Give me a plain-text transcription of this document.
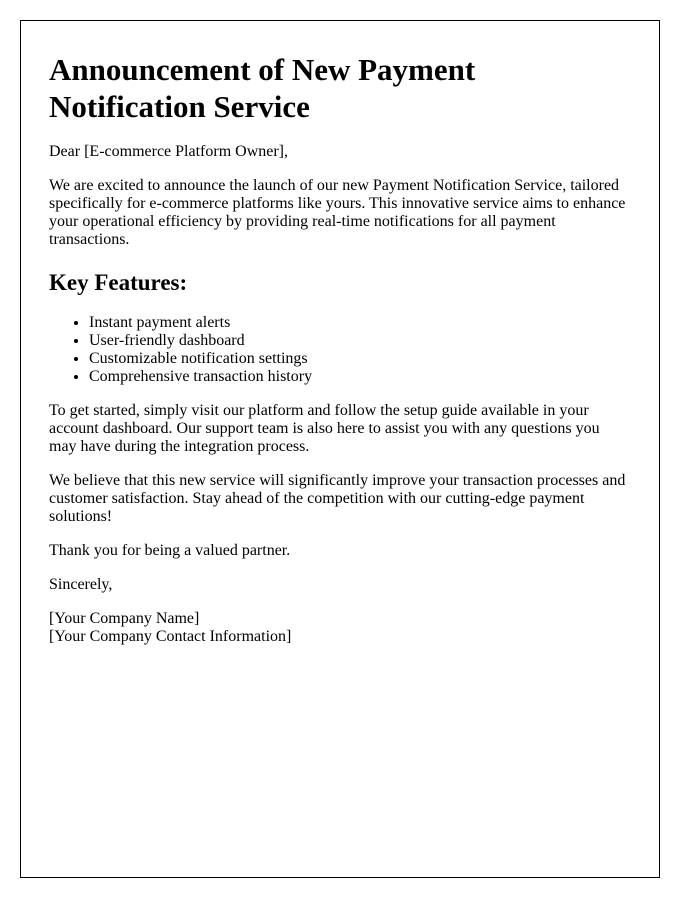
Announcement of New Payment Notification Service

Dear [E-commerce Platform Owner],

We are excited to announce the launch of our new Payment Notification Service, tailored specifically for e-commerce platforms like yours. This innovative service aims to enhance your operational efficiency by providing real-time notifications for all payment transactions.

Key Features:
• Instant payment alerts
• User-friendly dashboard
• Customizable notification settings
• Comprehensive transaction history

To get started, simply visit our platform and follow the setup guide available in your account dashboard. Our support team is also here to assist you with any questions you may have during the integration process.

We believe that this new service will significantly improve your transaction processes and customer satisfaction. Stay ahead of the competition with our cutting-edge payment solutions!

Thank you for being a valued partner.

Sincerely,

[Your Company Name]
[Your Company Contact Information]
